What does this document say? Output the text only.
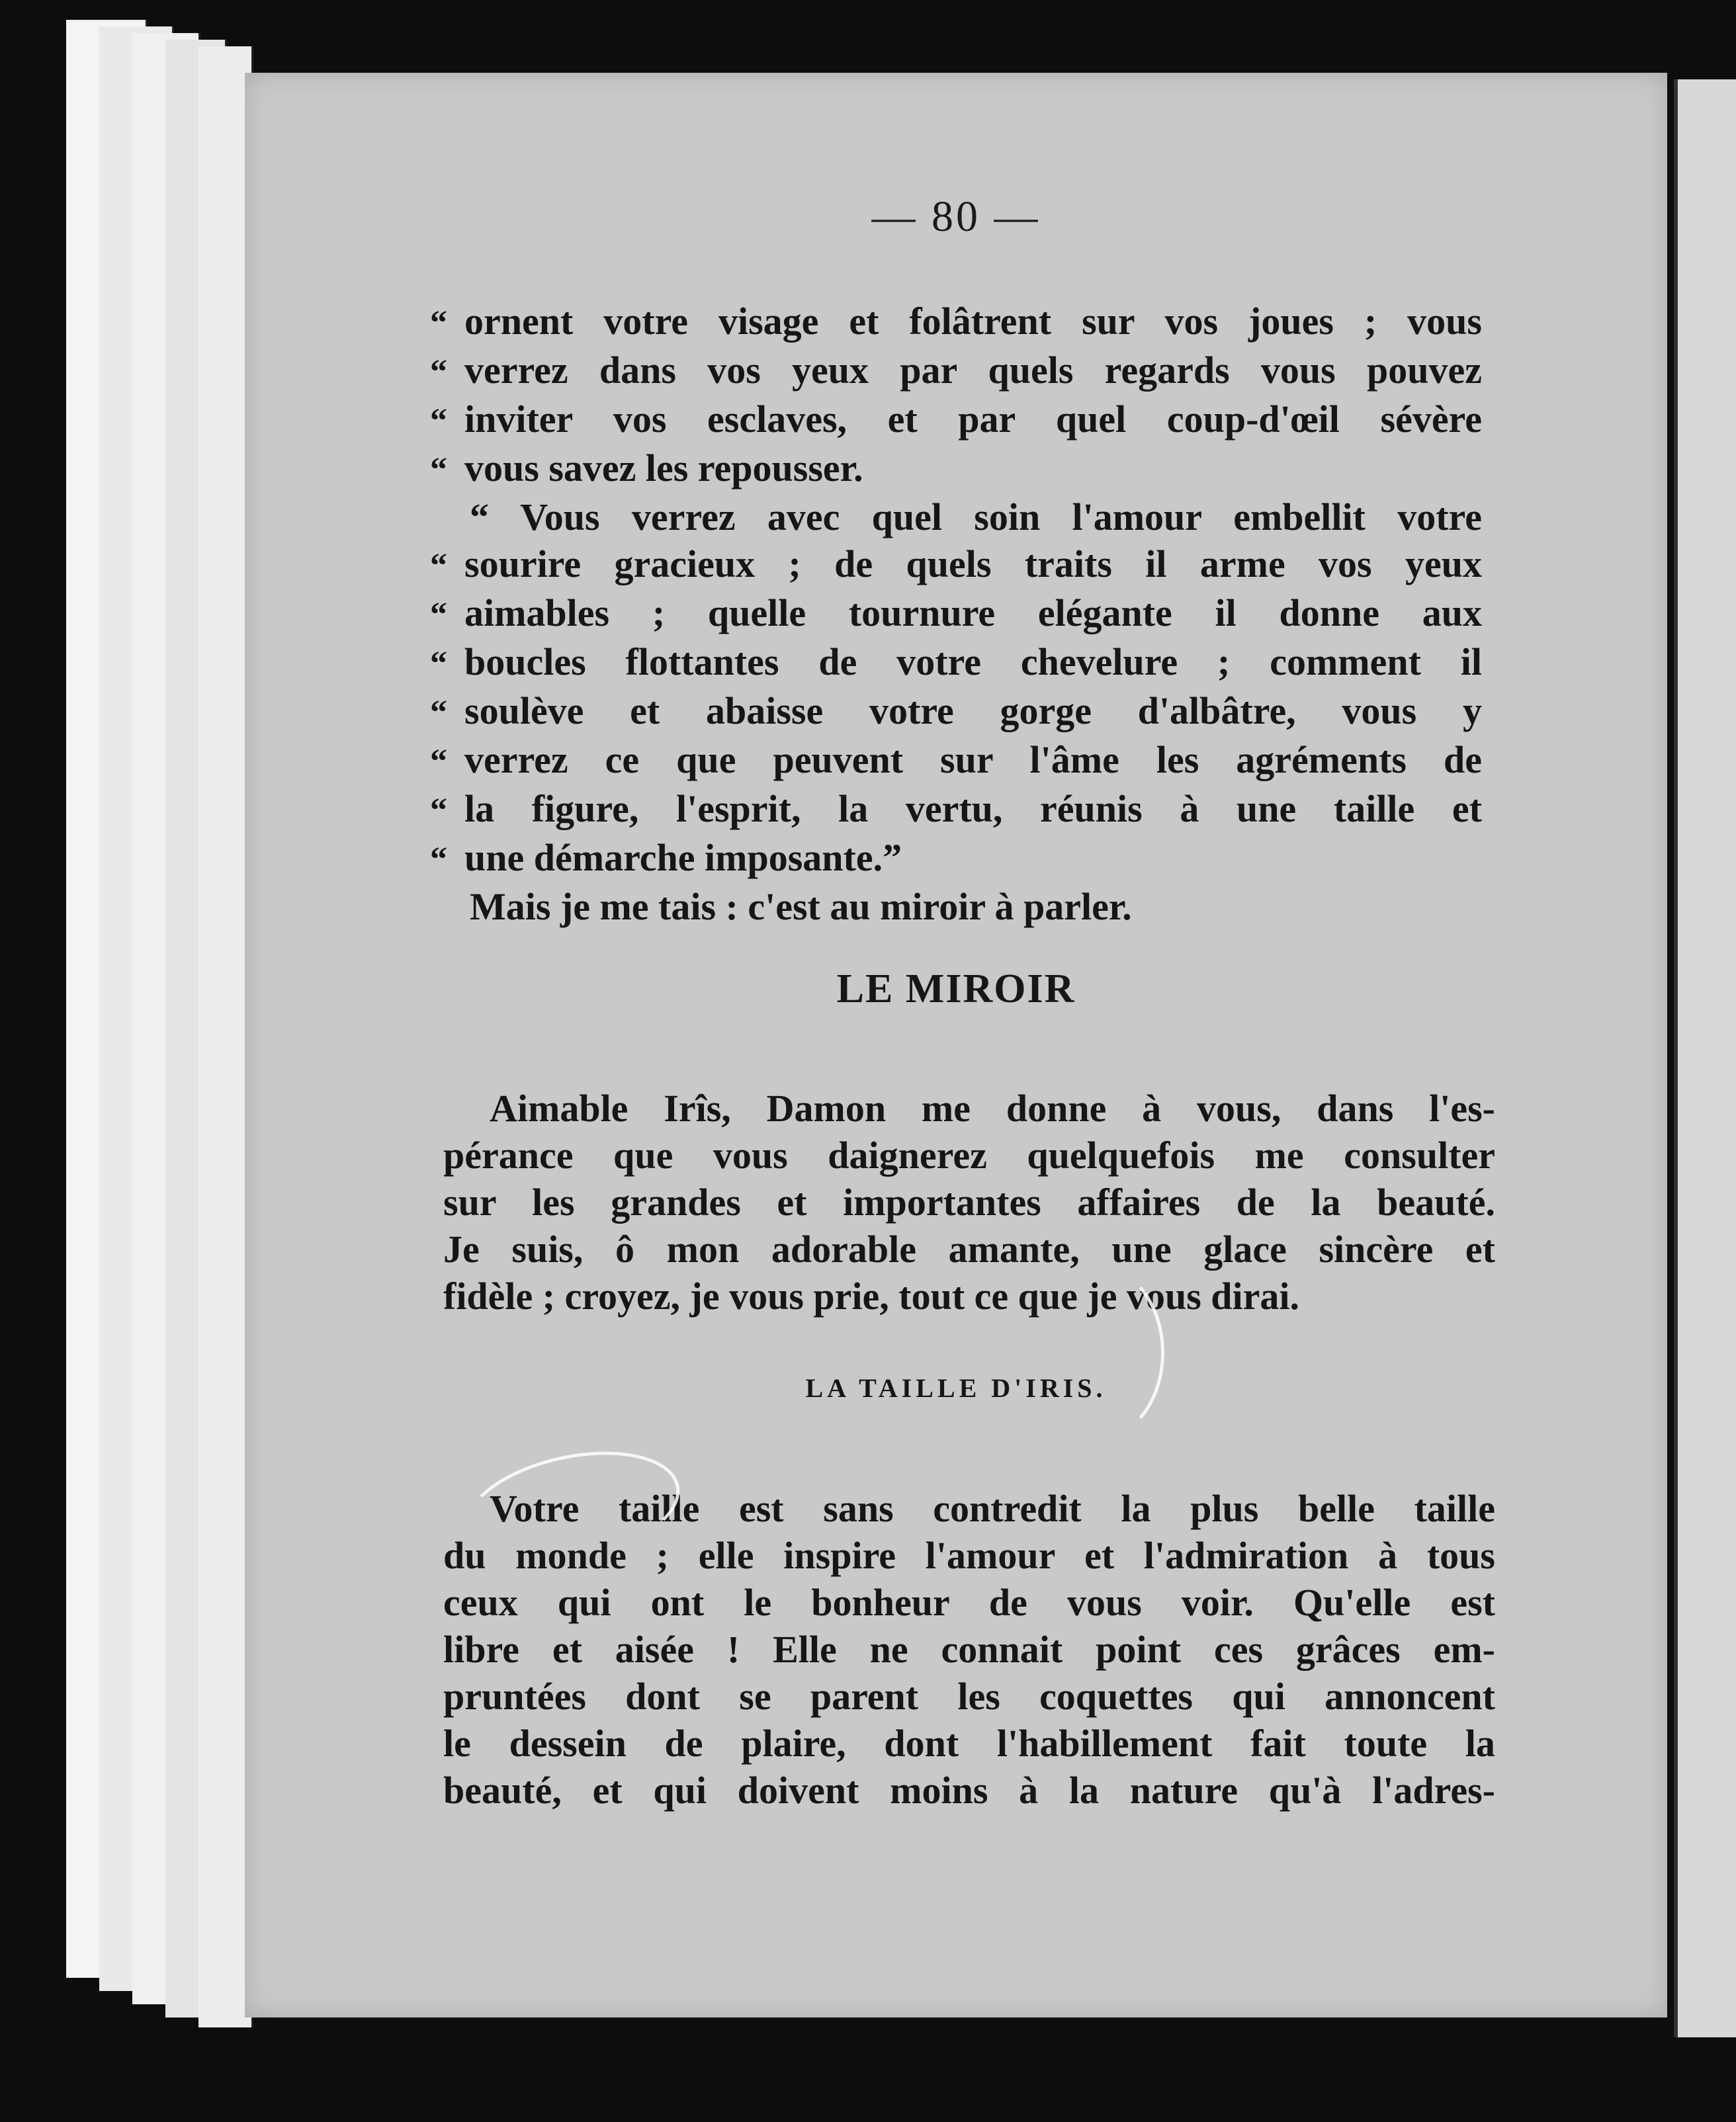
— 80 —
“ ornent votre visage et folâtrent sur vos joues ; vous
“ verrez dans vos yeux par quels regards vous pouvez
“ inviter vos esclaves, et par quel coup-d'œil sévère
“ vous savez les repousser.
“ Vous verrez avec quel soin l'amour embellit votre
“ sourire gracieux ; de quels traits il arme vos yeux
“ aimables ; quelle tournure elégante il donne aux
“ boucles flottantes de votre chevelure ; comment il
“ soulève et abaisse votre gorge d'albâtre, vous y
“ verrez ce que peuvent sur l'âme les agréments de
“ la figure, l'esprit, la vertu, réunis à une taille et
“ une démarche imposante.”
Mais je me tais : c'est au miroir à parler.
LE MIROIR
Aimable Irîs, Damon me donne à vous, dans l'es-
pérance que vous daignerez quelquefois me consulter
sur les grandes et importantes affaires de la beauté.
Je suis, ô mon adorable amante, une glace sincère et
fidèle ; croyez, je vous prie, tout ce que je vous dirai.
LA TAILLE D'IRIS.
Votre taille est sans contredit la plus belle taille
du monde ; elle inspire l'amour et l'admiration à tous
ceux qui ont le bonheur de vous voir. Qu'elle est
libre et aisée ! Elle ne connait point ces grâces em-
pruntées dont se parent les coquettes qui annoncent
le dessein de plaire, dont l'habillement fait toute la
beauté, et qui doivent moins à la nature qu'à l'adres-
